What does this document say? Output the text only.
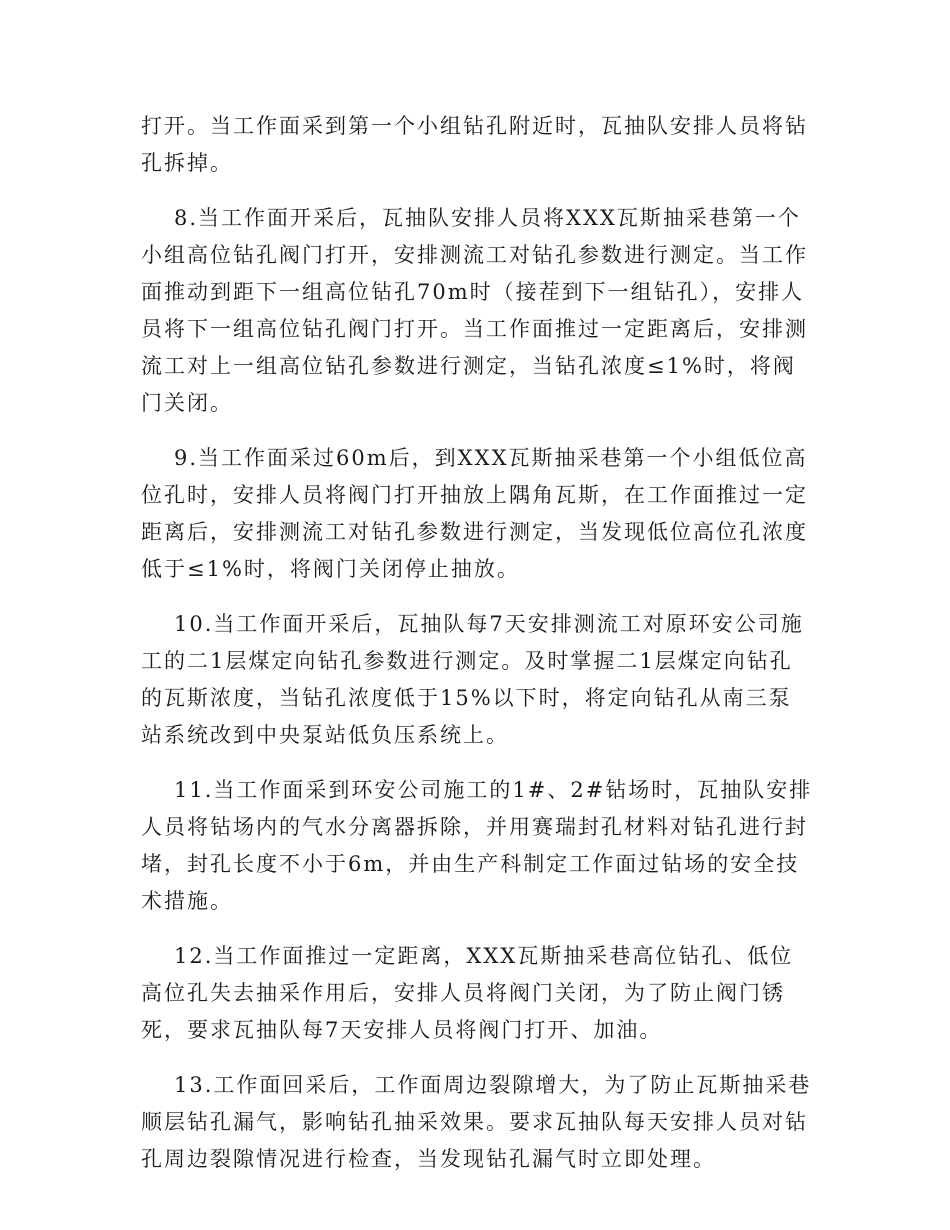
打开。当工作面采到第一个小组钻孔附近时，瓦抽队安排人员将钻孔拆掉。

8.当工作面开采后，瓦抽队安排人员将XXX瓦斯抽采巷第一个小组高位钻孔阀门打开，安排测流工对钻孔参数进行测定。当工作面推动到距下一组高位钻孔70m时（接茬到下一组钻孔），安排人员将下一组高位钻孔阀门打开。当工作面推过一定距离后，安排测流工对上一组高位钻孔参数进行测定，当钻孔浓度≤1%时，将阀门关闭。

9.当工作面采过60m后，到XXX瓦斯抽采巷第一个小组低位高位孔时，安排人员将阀门打开抽放上隅角瓦斯，在工作面推过一定距离后，安排测流工对钻孔参数进行测定，当发现低位高位孔浓度低于≤1%时，将阀门关闭停止抽放。

10.当工作面开采后，瓦抽队每7天安排测流工对原环安公司施工的二1层煤定向钻孔参数进行测定。及时掌握二1层煤定向钻孔的瓦斯浓度，当钻孔浓度低于15%以下时，将定向钻孔从南三泵站系统改到中央泵站低负压系统上。

11.当工作面采到环安公司施工的1#、2#钻场时，瓦抽队安排人员将钻场内的气水分离器拆除，并用赛瑞封孔材料对钻孔进行封堵，封孔长度不小于6m，并由生产科制定工作面过钻场的安全技术措施。

12.当工作面推过一定距离，XXX瓦斯抽采巷高位钻孔、低位高位孔失去抽采作用后，安排人员将阀门关闭，为了防止阀门锈死，要求瓦抽队每7天安排人员将阀门打开、加油。

13.工作面回采后，工作面周边裂隙增大，为了防止瓦斯抽采巷顺层钻孔漏气，影响钻孔抽采效果。要求瓦抽队每天安排人员对钻孔周边裂隙情况进行检查，当发现钻孔漏气时立即处理。
